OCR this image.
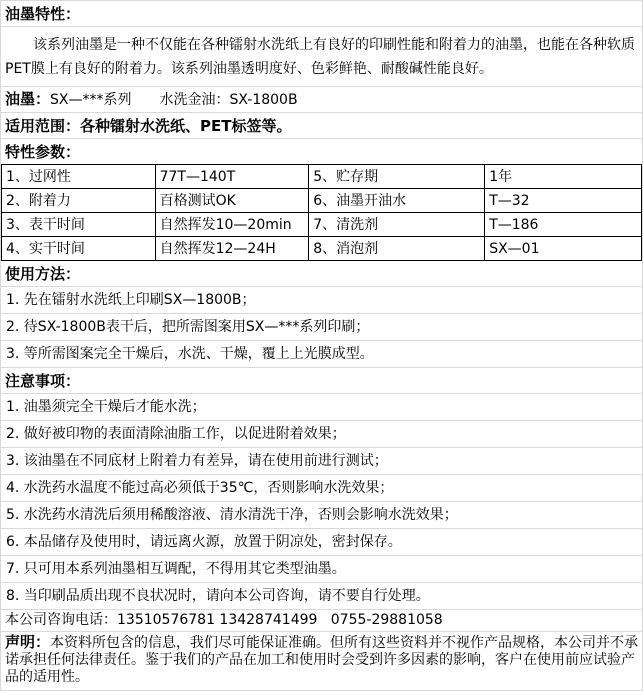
油墨特性：
该系列油墨是一种不仅能在各种镭射水洗纸上有良好的印刷性能和附着力的油墨，也能在各种软质PET膜上有良好的附着力。该系列油墨透明度好、色彩鲜艳、耐酸碱性能良好。
油墨：SX—***系列　　水洗金油：SX-1800B
适用范围：各种镭射水洗纸、PET标签等。
特性参数：
1、过网性	77T—140T	5、贮存期	1年
2、附着力	百格测试OK	6、油墨开油水	T—32
3、表干时间	自然挥发10—20min	7、清洗剂	T—186
4、实干时间	自然挥发12—24H	8、消泡剂	SX—01
使用方法：
1. 先在镭射水洗纸上印刷SX—1800B；
2. 待SX-1800B表干后，把所需图案用SX—***系列印刷；
3. 等所需图案完全干燥后，水洗、干燥，覆上上光膜成型。
注意事项：
1. 油墨须完全干燥后才能水洗；
2. 做好被印物的表面清除油脂工作，以促进附着效果；
3. 该油墨在不同底材上附着力有差异，请在使用前进行测试；
4. 水洗药水温度不能过高必须低于35℃，否则影响水洗效果；
5. 水洗药水清洗后须用稀酸溶液、清水清洗干净，否则会影响水洗效果；
6. 本品储存及使用时，请远离火源，放置于阴凉处，密封保存。
7. 只可用本系列油墨相互调配，不得用其它类型油墨。
8. 当印刷品质出现不良状况时，请向本公司咨询，请不要自行处理。
本公司咨询电话：13510576781 13428741499   0755-29881058
声明：本资料所包含的信息，我们尽可能保证准确。但所有这些资料并不视作产品规格，本公司并不承诺承担任何法律责任。鉴于我们的产品在加工和使用时会受到许多因素的影响，客户在使用前应试验产品的适用性。
